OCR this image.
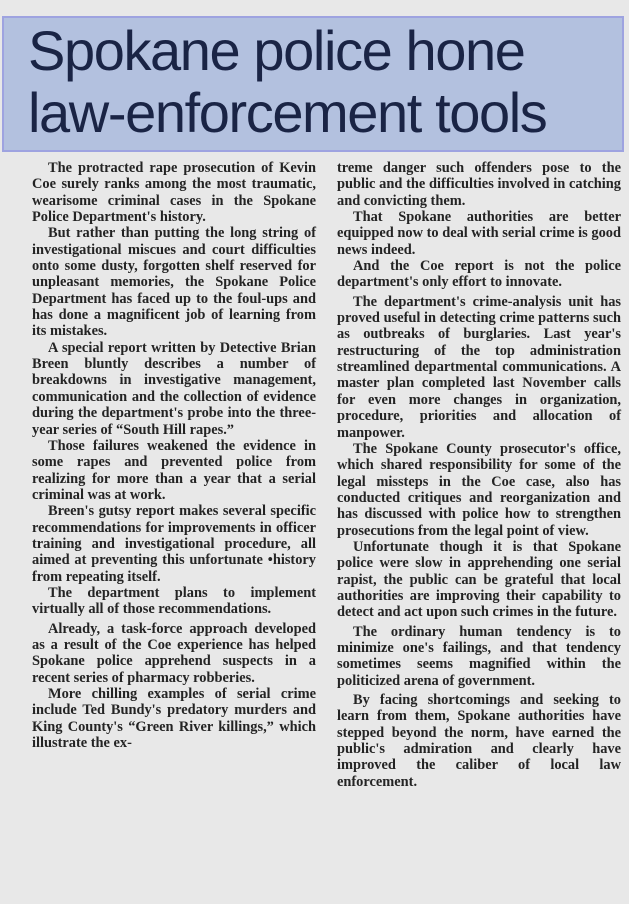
Spokane police hone
law-enforcement tools

The protracted rape prosecution of Kevin Coe surely ranks among the most traumatic, wearisome criminal cases in the Spokane Police Department's history.

But rather than putting the long string of investigational miscues and court difficulties onto some dusty, forgotten shelf reserved for unpleasant memories, the Spokane Police Department has faced up to the foul-ups and has done a magnificent job of learning from its mistakes.

A special report written by Detective Brian Breen bluntly describes a number of breakdowns in investigative management, communication and the collection of evidence during the department's probe into the three-year series of “South Hill rapes.”

Those failures weakened the evidence in some rapes and prevented police from realizing for more than a year that a serial criminal was at work.

Breen's gutsy report makes several specific recommendations for improvements in officer training and investigational procedure, all aimed at preventing this unfortunate •history from repeating itself.

The department plans to implement virtually all of those recommendations.

Already, a task-force approach developed as a result of the Coe experience has helped Spokane police apprehend suspects in a recent series of pharmacy robberies.

More chilling examples of serial crime include Ted Bundy's predatory murders and King County's “Green River killings,” which illustrate the ex-

treme danger such offenders pose to the public and the difficulties involved in catching and convicting them.

That Spokane authorities are better equipped now to deal with serial crime is good news indeed.

And the Coe report is not the police department's only effort to innovate.

The department's crime-analysis unit has proved useful in detecting crime patterns such as outbreaks of burglaries. Last year's restructuring of the top administration streamlined departmental communications. A master plan completed last November calls for even more changes in organization, procedure, priorities and allocation of manpower.

The Spokane County prosecutor's office, which shared responsibility for some of the legal missteps in the Coe case, also has conducted critiques and reorganization and has discussed with police how to strengthen prosecutions from the legal point of view.

Unfortunate though it is that Spokane police were slow in apprehending one serial rapist, the public can be grateful that local authorities are improving their capability to detect and act upon such crimes in the future.

The ordinary human tendency is to minimize one's failings, and that tendency sometimes seems magnified within the politicized arena of government.

By facing shortcomings and seeking to learn from them, Spokane authorities have stepped beyond the norm, have earned the public's admiration and clearly have improved the caliber of local law enforcement.
